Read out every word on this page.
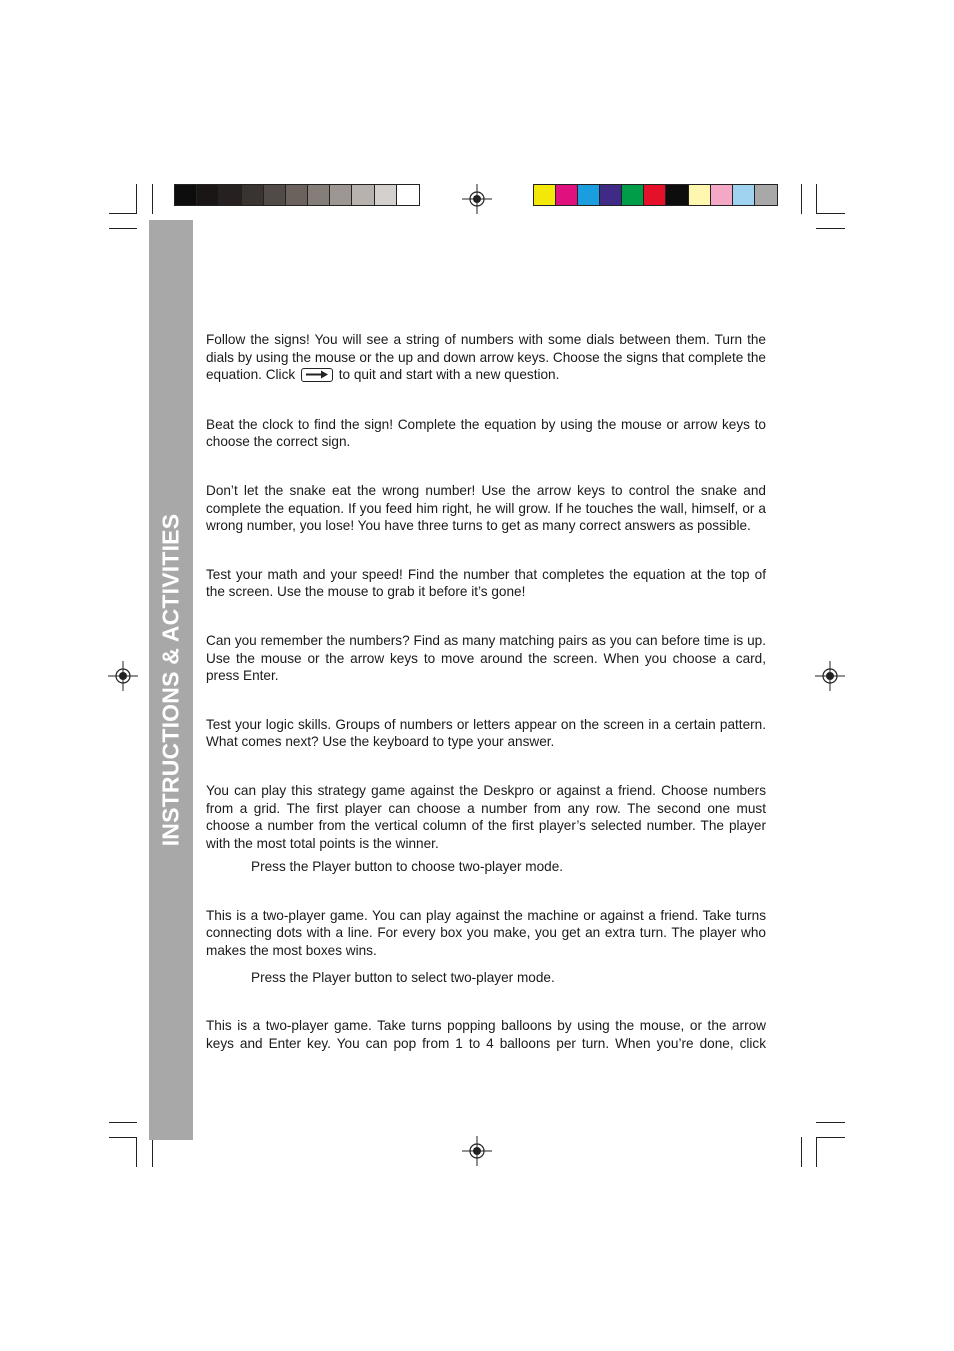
INSTRUCTIONS & ACTIVITIES

Follow the signs! You will see a string of numbers with some dials between them. Turn the dials by using the mouse or the up and down arrow keys. Choose the signs that complete the equation. Click	to quit and start with a new question.

Beat the clock to find the sign! Complete the equation by using the mouse or arrow keys to choose the correct sign.

Don’t let the snake eat the wrong number! Use the arrow keys to control the snake and complete the equation. If you feed him right, he will grow. If he touches the wall, himself, or a wrong number, you lose! You have three turns to get as many correct answers as possible.

Test your math and your speed! Find the number that completes the equation at the top of the screen. Use the mouse to grab it before it’s gone!

Can you remember the numbers? Find as many matching pairs as you can before time is up. Use the mouse or the arrow keys to move around the screen. When you choose a card, press Enter.

Test your logic skills. Groups of numbers or letters appear on the screen in a certain pattern. What comes next? Use the keyboard to type your answer.

You can play this strategy game against the Deskpro or against a friend. Choose numbers from a grid. The first player can choose a number from any row. The second one must choose a number from the vertical column of the first player’s selected number. The player with the most total points is the winner.

Press the Player button to choose two-player mode.

This is a two-player game. You can play against the machine or against a friend. Take turns connecting dots with a line. For every box you make, you get an extra turn. The player who makes the most boxes wins.

Press the Player button to select two-player mode.

This is a two-player game. Take turns popping balloons by using the mouse, or the arrow keys and Enter key. You can pop from 1 to 4 balloons per turn. When you’re done, click
